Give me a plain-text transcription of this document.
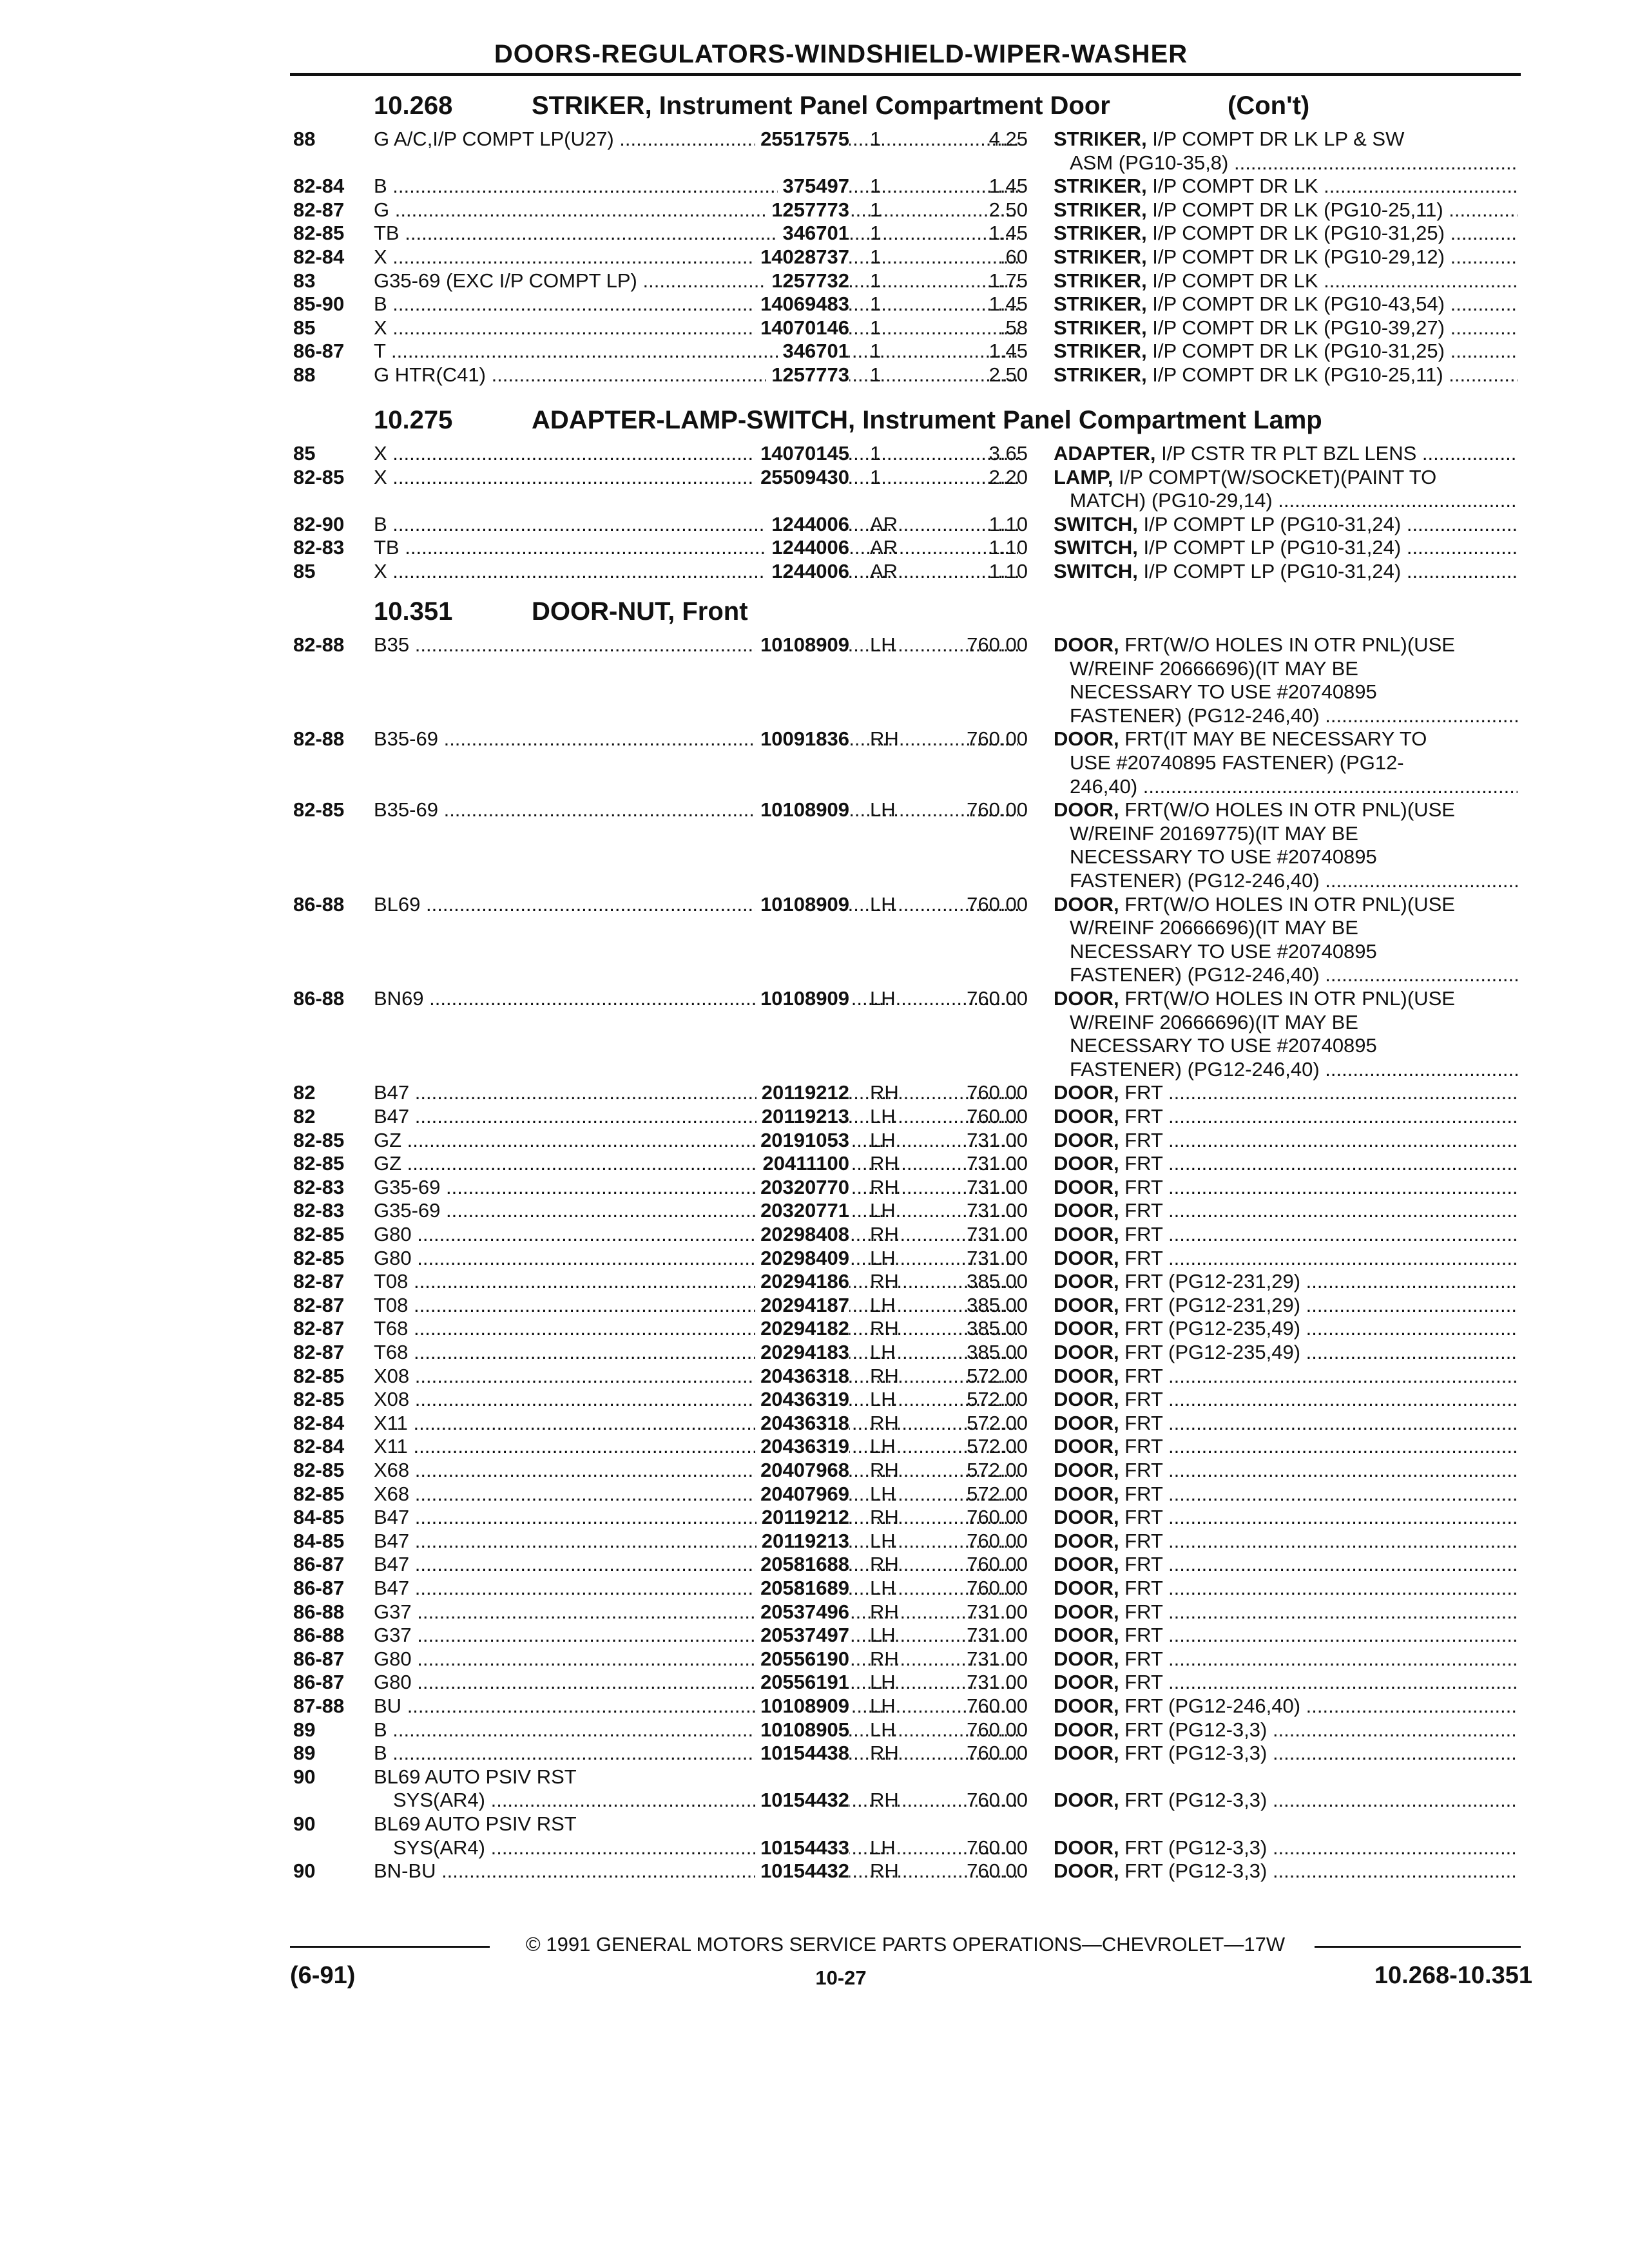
DOORS-REGULATORS-WINDSHIELD-WIPER-WASHER
10.268	STRIKER, Instrument Panel Compartment Door	(Con't)
88	G A/C,I/P COMPT LP(U27) .....	25517575 1	4.25 STRIKER, I/P COMPT DR LK LP & SW
ASM (PG10-35,8) .....
82-84 B .....	375497 1	1.45 STRIKER, I/P COMPT DR LK .....
82-87 G .....	1257773 1	2.50 STRIKER, I/P COMPT DR LK (PG10-25,11) .....
82-85 TB .....	346701 1	1.45 STRIKER, I/P COMPT DR LK (PG10-31,25) .....
82-84 X .....	14028737 1	.60 STRIKER, I/P COMPT DR LK (PG10-29,12) .....
83	G35-69 (EXC I/P COMPT LP) .....	1257732 1	1.75 STRIKER, I/P COMPT DR LK .....
85-90 B .....	14069483 1	1.45 STRIKER, I/P COMPT DR LK (PG10-43,54) .....
85	X .....	14070146 1	.58 STRIKER, I/P COMPT DR LK (PG10-39,27) .....
86-87 T .....	346701 1	1.45 STRIKER, I/P COMPT DR LK (PG10-31,25) .....
88	G HTR(C41) .....	1257773 1	2.50 STRIKER, I/P COMPT DR LK (PG10-25,11) .....
10.275	ADAPTER-LAMP-SWITCH, Instrument Panel Compartment Lamp
85	X .....	14070145 1	3.65 ADAPTER, I/P CSTR TR PLT BZL LENS .....
82-85 X .....	25509430 1	2.20 LAMP, I/P COMPT(W/SOCKET)(PAINT TO
MATCH) (PG10-29,14) .....
82-90 B .....	1244006 AR	1.10 SWITCH, I/P COMPT LP (PG10-31,24) .....
82-83 TB .....	1244006 AR	1.10 SWITCH, I/P COMPT LP (PG10-31,24) .....
85	X .....	1244006 AR	1.10 SWITCH, I/P COMPT LP (PG10-31,24) .....
10.351	DOOR-NUT, Front
82-88 B35 .....	10108909 LH	760.00 DOOR, FRT(W/O HOLES IN OTR PNL)(USE
W/REINF 20666696)(IT MAY BE
NECESSARY TO USE #20740895
FASTENER) (PG12-246,40) .....
82-88 B35-69 .....	10091836 RH	760.00 DOOR, FRT(IT MAY BE NECESSARY TO
USE #20740895 FASTENER) (PG12-
246,40) .....
82-85 B35-69 .....	10108909 LH	760.00 DOOR, FRT(W/O HOLES IN OTR PNL)(USE
W/REINF 20169775)(IT MAY BE
NECESSARY TO USE #20740895
FASTENER) (PG12-246,40) .....
86-88 BL69 .....	10108909 LH	760.00 DOOR, FRT(W/O HOLES IN OTR PNL)(USE
W/REINF 20666696)(IT MAY BE
NECESSARY TO USE #20740895
FASTENER) (PG12-246,40) .....
86-88 BN69 .....	10108909 LH	760.00 DOOR, FRT(W/O HOLES IN OTR PNL)(USE
W/REINF 20666696)(IT MAY BE
NECESSARY TO USE #20740895
FASTENER) (PG12-246,40) .....
82	B47 .....	20119212 RH	760.00 DOOR, FRT .....
82	B47 .....	20119213 LH	760.00 DOOR, FRT .....
82-85 GZ .....	20191053 LH	731.00 DOOR, FRT .....
82-85 GZ .....	20411100 RH	731.00 DOOR, FRT .....
82-83 G35-69 .....	20320770 RH	731.00 DOOR, FRT .....
82-83 G35-69 .....	20320771 LH	731.00 DOOR, FRT .....
82-85 G80 .....	20298408 RH	731.00 DOOR, FRT .....
82-85 G80 .....	20298409 LH	731.00 DOOR, FRT .....
82-87 T08 .....	20294186 RH	385.00 DOOR, FRT (PG12-231,29) .....
82-87 T08 .....	20294187 LH	385.00 DOOR, FRT (PG12-231,29) .....
82-87 T68 .....	20294182 RH	385.00 DOOR, FRT (PG12-235,49) .....
82-87 T68 .....	20294183 LH	385.00 DOOR, FRT (PG12-235,49) .....
82-85 X08 .....	20436318 RH	572.00 DOOR, FRT .....
82-85 X08 .....	20436319 LH	572.00 DOOR, FRT .....
82-84 X11 .....	20436318 RH	572.00 DOOR, FRT .....
82-84 X11 .....	20436319 LH	572.00 DOOR, FRT .....
82-85 X68 .....	20407968 RH	572.00 DOOR, FRT .....
82-85 X68 .....	20407969 LH	572.00 DOOR, FRT .....
84-85 B47 .....	20119212 RH	760.00 DOOR, FRT .....
84-85 B47 .....	20119213 LH	760.00 DOOR, FRT .....
86-87 B47 .....	20581688 RH	760.00 DOOR, FRT .....
86-87 B47 .....	20581689 LH	760.00 DOOR, FRT .....
86-88 G37 .....	20537496 RH	731.00 DOOR, FRT .....
86-88 G37 .....	20537497 LH	731.00 DOOR, FRT .....
86-87 G80 .....	20556190 RH	731.00 DOOR, FRT .....
86-87 G80 .....	20556191 LH	731.00 DOOR, FRT .....
87-88 BU .....	10108909 LH	760.00 DOOR, FRT (PG12-246,40) .....
89	B .....	10108905 LH	760.00 DOOR, FRT (PG12-3,3) .....
89	B .....	10154438 RH	760.00 DOOR, FRT (PG12-3,3) .....
90	BL69 AUTO PSIV RST
SYS(AR4) .....	10154432 RH	760.00 DOOR, FRT (PG12-3,3) .....
90	BL69 AUTO PSIV RST
SYS(AR4) .....	10154433 LH	760.00 DOOR, FRT (PG12-3,3) .....
90	BN-BU .....	10154432 RH	760.00 DOOR, FRT (PG12-3,3) .....
© 1991 GENERAL MOTORS SERVICE PARTS OPERATIONS—CHEVROLET—17W
(6-91)	10-27	10.268-10.351
